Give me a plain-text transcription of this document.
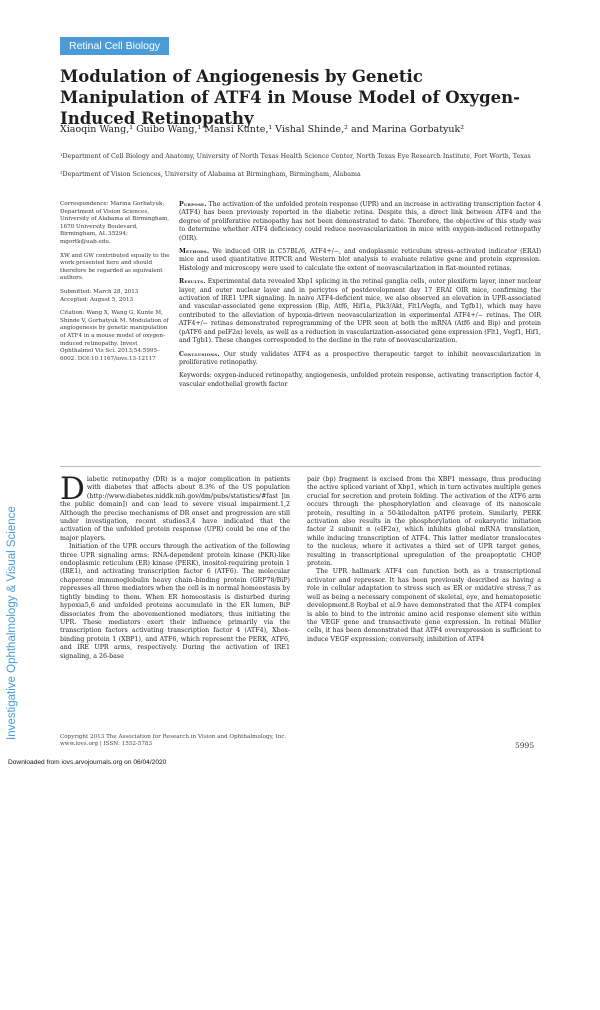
Retinal Cell Biology
Modulation of Angiogenesis by Genetic Manipulation of ATF4 in Mouse Model of Oxygen-Induced Retinopathy
Xiaoqin Wang,¹ Guibo Wang,¹ Mansi Kunte,¹ Vishal Shinde,² and Marina Gorbatyuk²
¹Department of Cell Biology and Anatomy, University of North Texas Health Science Center, North Texas Eye Research Institute, Fort Worth, Texas
²Department of Vision Sciences, University of Alabama at Birmingham, Birmingham, Alabama

Correspondence: Marina Gorbatyuk, Department of Vision Sciences, University of Alabama at Birmingham, 1670 University Boulevard, Birmingham, AL 35294; mgortk@uab.edu.

XW and GW contributed equally to the work presented here and should therefore be regarded as equivalent authors.

Submitted: March 28, 2013

Accepted: August 5, 2013

Citation: Wang X, Wang G, Kunte M, Shinde V, Gorbatyuk M. Modulation of angiogenesis by genetic manipulation of ATF4 in a mouse model of oxygen-induced retinopathy. Invest Ophthalmol Vis Sci. 2013;54:5995–6002. DOI:10.1167/iovs.13-12117

Purpose. The activation of the unfolded protein response (UPR) and an increase in activating transcription factor 4 (ATF4) has been previously reported in the diabetic retina. Despite this, a direct link between ATF4 and the degree of proliferative retinopathy has not been demonstrated to date. Therefore, the objective of this study was to determine whether ATF4 deficiency could reduce neovascularization in mice with oxygen-induced retinopathy (OIR).

Methods. We induced OIR in C57BL/6, ATF4+/−, and endoplasmic reticulum stress–activated indicator (ERAI) mice and used quantitative RTPCR and Western blot analysis to evaluate relative gene and protein expression. Histology and microscopy were used to calculate the extent of neovascularization in flat-mounted retinas.

Results. Experimental data revealed Xbp1 splicing in the retinal ganglia cells, outer plexiform layer, inner nuclear layer, and outer nuclear layer and in pericytes of postdevelopment day 17 ERAI OIR mice, confirming the activation of IRE1 UPR signaling. In naive ATF4-deficient mice, we also observed an elevation in UPR-associated and vascular-associated gene expression (Bip, Atf6, Hif1a, Pik3/Akt, Flt1/Vegfa, and Tgfb1), which may have contributed to the alleviation of hypoxia-driven neovascularization in experimental ATF4+/− retinas. The OIR ATF4+/− retinas demonstrated reprogramming of the UPR seen at both the mRNA (Atf6 and Bip) and protein (pATF6 and peIF2α) levels, as well as a reduction in vascularization-associated gene expression (Flt1, Vegf1, Hif1, and Tgb1). These changes corresponded to the decline in the rate of neovascularization.

Conclusions. Our study validates ATF4 as a prospective therapeutic target to inhibit neovascularization in proliferative retinopathy.

Keywords: oxygen-induced retinopathy, angiogenesis, unfolded protein response, activating transcription factor 4, vascular endothelial growth factor

Diabetic retinopathy (DR) is a major complication in patients with diabetes that affects about 8.3% of the US population (http://www.diabetes.niddk.nih.gov/dm/pubs/statistics/#fast [in the public domain]) and can lead to severe visual impairment.1,2 Although the precise mechanisms of DR onset and progression are still under investigation, recent studies3,4 have indicated that the activation of the unfolded protein response (UPR) could be one of the major players.

Initiation of the UPR occurs through the activation of the following three UPR signaling arms: RNA-dependent protein kinase (PKR)-like endoplasmic reticulum (ER) kinase (PERK), inositol-requiring protein 1 (IRE1), and activating transcription factor 6 (ATF6). The molecular chaperone immunoglobulin heavy chain–binding protein (GRP78/BiP) represses all three mediators when the cell is in normal homeostasis by tightly binding to them. When ER homeostasis is disturbed during hypoxia5,6 and unfolded proteins accumulate in the ER lumen, BiP dissociates from the abovementioned mediators, thus initiating the UPR. These mediators exert their influence primarily via the transcription factors activating transcription factor 4 (ATF4), Xbox-binding protein 1 (XBP1), and ATF6, which represent the PERK, ATF6, and IRE UPR arms, respectively. During the activation of IRE1 signaling, a 26-base

pair (bp) fragment is excised from the XBP1 message, thus producing the active spliced variant of Xbp1, which in turn activates multiple genes crucial for secretion and protein folding. The activation of the ATF6 arm occurs through the phosphorylation and cleavage of its nanoscale protein, resulting in a 50-kilodalton pATF6 protein. Similarly, PERK activation also results in the phosphorylation of eukaryotic initiation factor 2 subunit α (eIF2α), which inhibits global mRNA translation, while inducing transcription of ATF4. This latter mediator translocates to the nucleus, where it activates a third set of UPR target genes, resulting in transcriptional upregulation of the proapoptotic CHOP protein.

The UPR hallmark ATF4 can function both as a transcriptional activator and repressor. It has been previously described as having a role in cellular adaptation to stress such as ER or oxidative stress,7 as well as being a necessary component of skeletal, eye, and hematopoietic development.8 Roybal et al.9 have demonstrated that the ATF4 complex is able to bind to the intronic amino acid response element site within the VEGF gene and transactivate gene expression. In retinal Müller cells, it has been demonstrated that ATF4 overexpression is sufficient to induce VEGF expression; conversely, inhibition of ATF4

Investigative Ophthalmology & Visual Science	Copyright 2013 The Association for Research in Vision and Ophthalmology, Inc.
www.iovs.org | ISSN: 1552-5783	5995
Downloaded from iovs.arvojournals.org on 06/04/2020
